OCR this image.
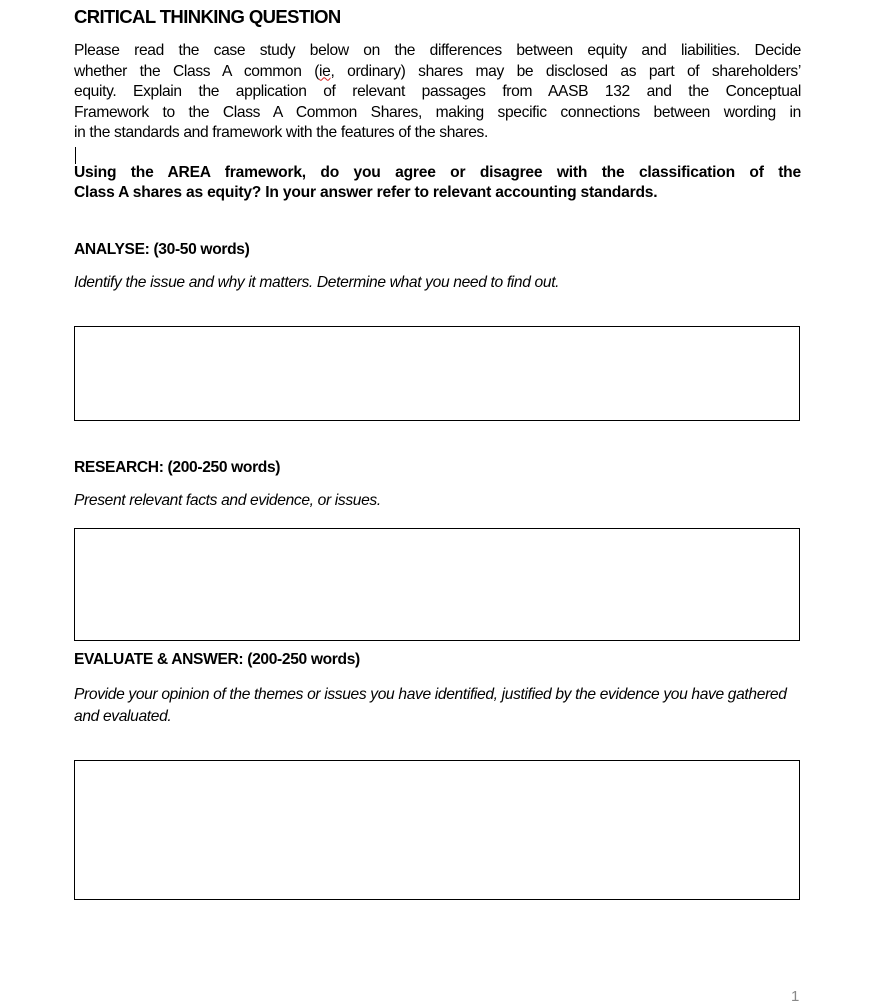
CRITICAL THINKING QUESTION
Please read the case study below on the differences between equity and liabilities. Decide
whether the Class A common (ie, ordinary) shares may be disclosed as part of shareholders’
equity. Explain the application of relevant passages from AASB 132 and the Conceptual
Framework to the Class A Common Shares, making specific connections between wording in
in the standards and framework with the features of the shares.
Using the AREA framework, do you agree or disagree with the classification of the
Class A shares as equity? In your answer refer to relevant accounting standards.
ANALYSE: (30-50 words)
Identify the issue and why it matters. Determine what you need to find out.
RESEARCH: (200-250 words)
Present relevant facts and evidence, or issues.
EVALUATE & ANSWER: (200-250 words)
Provide your opinion of the themes or issues you have identified, justified by the evidence you have gathered and evaluated.
1
